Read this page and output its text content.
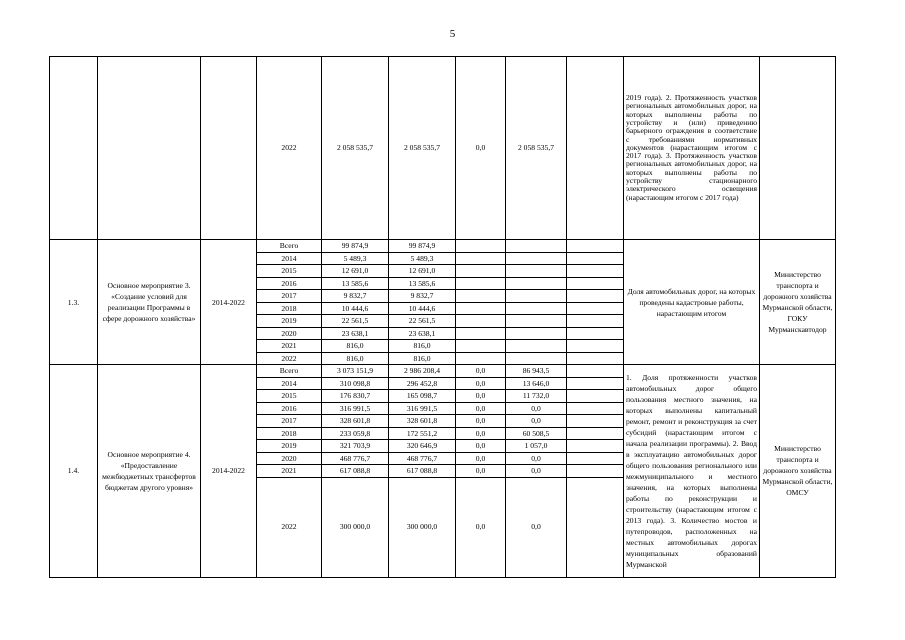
5
			2022	2 058 535,7	2 058 535,7	0,0	2 058 535,7		2019 года). 2. Протяженность участков региональных автомобильных дорог, на которых выполнены работы по устройству и (или) приведению барьерного ограждения в соответствие с требованиями нормативных документов (нарастающим итогом с 2017 года). 3. Протяженность участков региональных автомобильных дорог, на которых выполнены работы по устройству стационарного электрического освещения (нарастающим итогом с 2017 года)	
1.3.	Основное мероприятие 3. «Создание условий для реализации Программы в сфере дорожного хозяйства»	2014-2022	Всего	99 874,9	99 874,9				Доля автомобильных дорог, на которых проведены кадастровые работы, нарастающим итогом	Министерство транспорта и дорожного хозяйства Мурманской области, ГОКУ Мурманскавтодор
			2014	5 489,3	5 489,3					
			2015	12 691,0	12 691,0					
			2016	13 585,6	13 585,6					
			2017	9 832,7	9 832,7					
			2018	10 444,6	10 444,6					
			2019	22 561,5	22 561,5					
			2020	23 638,1	23 638,1					
			2021	816,0	816,0					
			2022	816,0	816,0					
1.4.	Основное мероприятие 4. «Предоставление межбюджетных трансфертов бюджетам другого уровня»	2014-2022	Всего	3 073 151,9	2 986 208,4	0,0	86 943,5		1. Доля протяженности участков автомобильных дорог общего пользования местного значения, на которых выполнены капитальный ремонт, ремонт и реконструкция за счет субсидий (нарастающим итогом с начала реализации программы). 2. Ввод в эксплуатацию автомобильных дорог общего пользования регионального или межмуниципального и местного значения, на которых выполнены работы по реконструкции и строительству (нарастающим итогом с 2013 года). 3. Количество мостов и путепроводов, расположенных на местных автомобильных дорогах муниципальных образований Мурманской	Министерство транспорта и дорожного хозяйства Мурманской области, ОМСУ
			2014	310 098,8	296 452,8	0,0	13 646,0			
			2015	176 830,7	165 098,7	0,0	11 732,0			
			2016	316 991,5	316 991,5	0,0	0,0			
			2017	328 601,8	328 601,8	0,0	0,0			
			2018	233 059,8	172 551,2	0,0	60 508,5			
			2019	321 703,9	320 646,9	0,0	1 057,0			
			2020	468 776,7	468 776,7	0,0	0,0			
			2021	617 088,8	617 088,8	0,0	0,0			
			2022	300 000,0	300 000,0	0,0	0,0			
